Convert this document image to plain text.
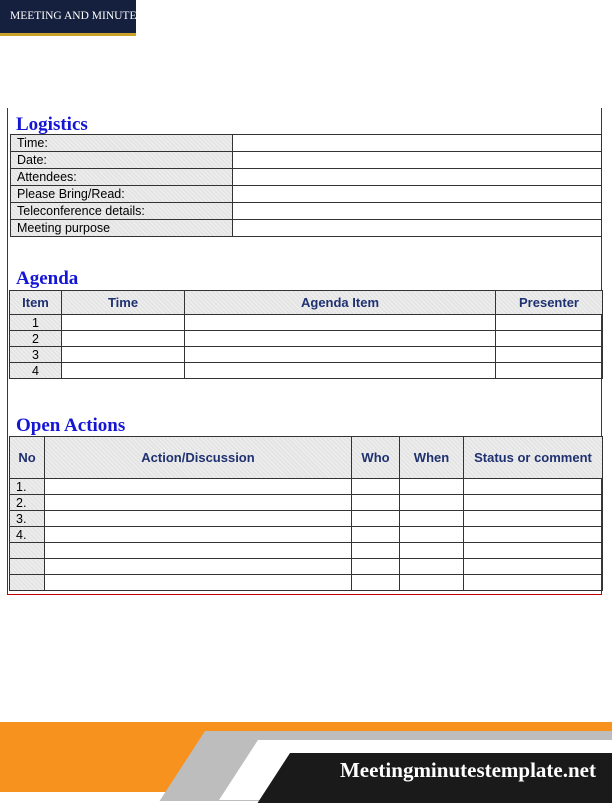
MEETING AND MINUTES
Logistics
Time:	
Date:	
Attendees:	
Please Bring/Read:	
Teleconference details:	
Meeting purpose	
Agenda
Item	Time	Agenda Item	Presenter
1			
2			
3			
4			
Open Actions
No	Action/Discussion	Who	When	Status or comment
1.				
2.				
3.				
4.				

Meetingminutestemplate.net
